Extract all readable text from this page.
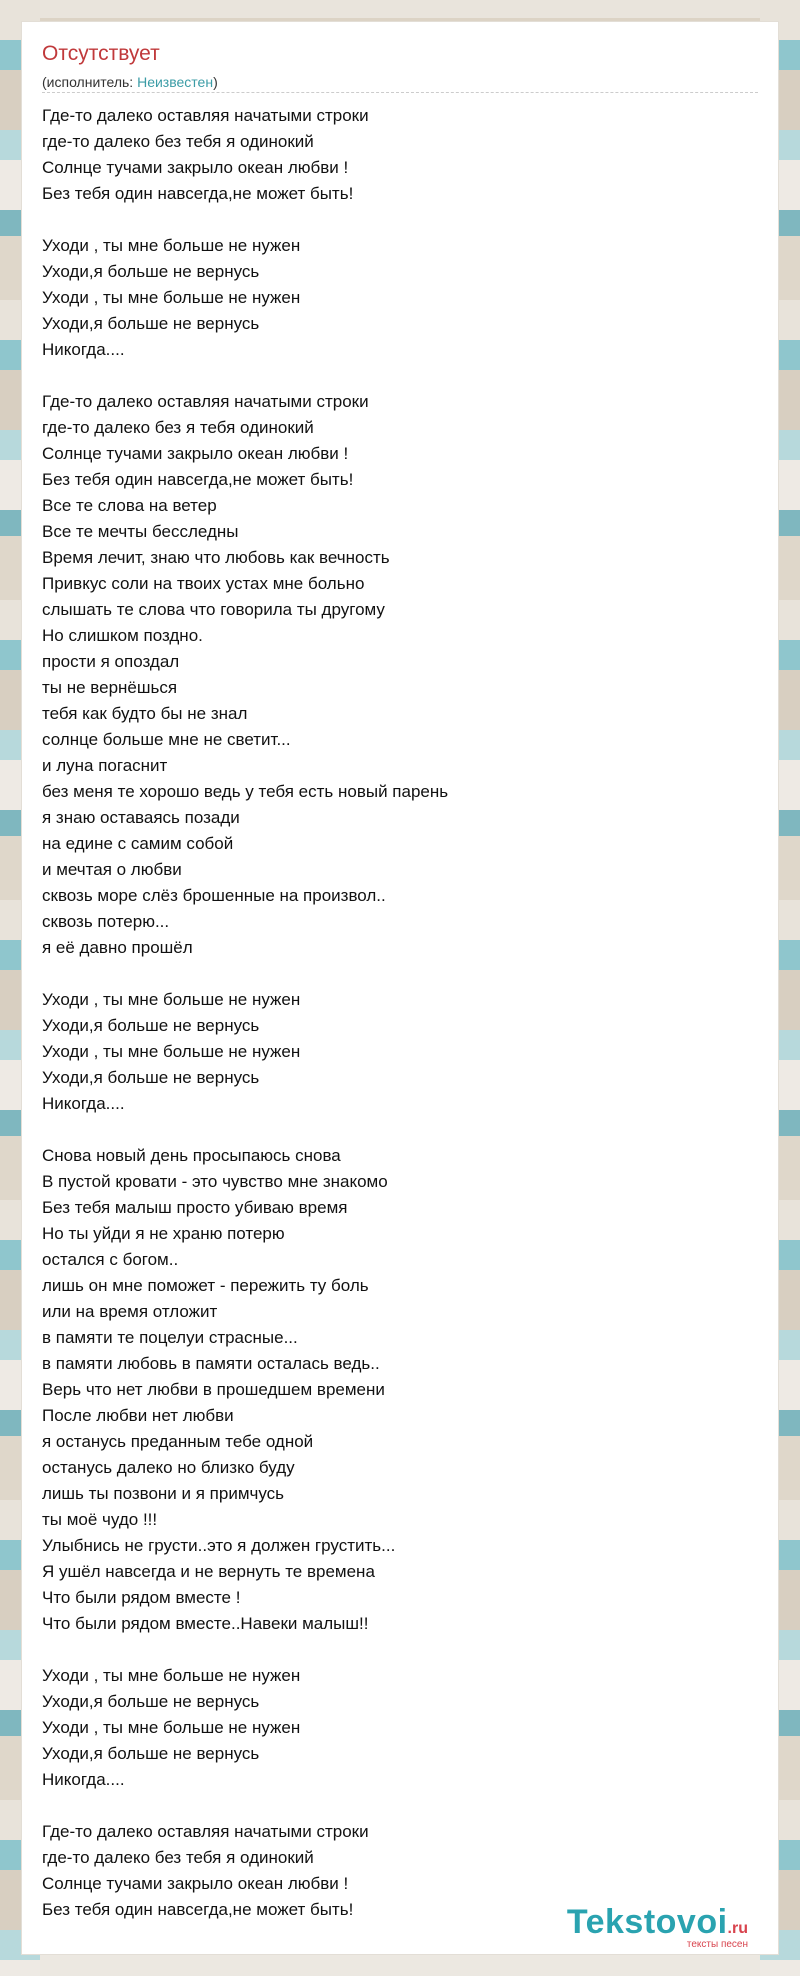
Отсутствует
(исполнитель: Неизвестен)
Где-то далеко оставляя начатыми строки
где-то далеко без тебя я одинокий
Солнце тучами закрыло океан любви !
Без тебя один навсегда,не может быть!

Уходи , ты мне больше не нужен
Уходи,я больше не вернусь
Уходи , ты мне больше не нужен
Уходи,я больше не вернусь
Никогда....

Где-то далеко оставляя начатыми строки
где-то далеко без я тебя одинокий
Солнце тучами закрыло океан любви !
Без тебя один навсегда,не может быть!
Все те слова на ветер
Все те мечты бесследны
Время лечит, знаю что любовь как вечность
Привкус соли на твоих устах мне больно
слышать те слова что говорила ты другому
Но слишком поздно.
прости я опоздал
ты не вернёшься
тебя как будто бы не знал
солнце больше мне не светит...
и луна погаснит
без меня те хорошо ведь у тебя есть новый парень
я знаю оставаясь позади
на едине с самим собой
и мечтая о любви
сквозь море слёз брошенные на произвол..
сквозь потерю...
я её давно прошёл

Уходи , ты мне больше не нужен
Уходи,я больше не вернусь
Уходи , ты мне больше не нужен
Уходи,я больше не вернусь
Никогда....

Снова новый день просыпаюсь снова
В пустой кровати - это чувство мне знакомо
Без тебя малыш просто убиваю время
Но ты уйди я не храню потерю
остался с богом..
лишь он мне поможет - пережить ту боль
или на время отложит
в памяти те поцелуи страсные...
в памяти любовь в памяти осталась ведь..
Верь что нет любви в прошедшем времени
После любви нет любви
я останусь преданным тебе одной
останусь далеко но близко буду
лишь ты позвони и я примчусь
ты моё чудо !!!
Улыбнись не грусти..это я должен грустить...
Я ушёл навсегда и не вернуть те времена
Что были рядом вместе !
Что были рядом вместе..Навеки малыш!!

Уходи , ты мне больше не нужен
Уходи,я больше не вернусь
Уходи , ты мне больше не нужен
Уходи,я больше не вернусь
Никогда....

Где-то далеко оставляя начатыми строки
где-то далеко без тебя я одинокий
Солнце тучами закрыло океан любви !
Без тебя один навсегда,не может быть!	Tekstovoi.ru
тексты песен
